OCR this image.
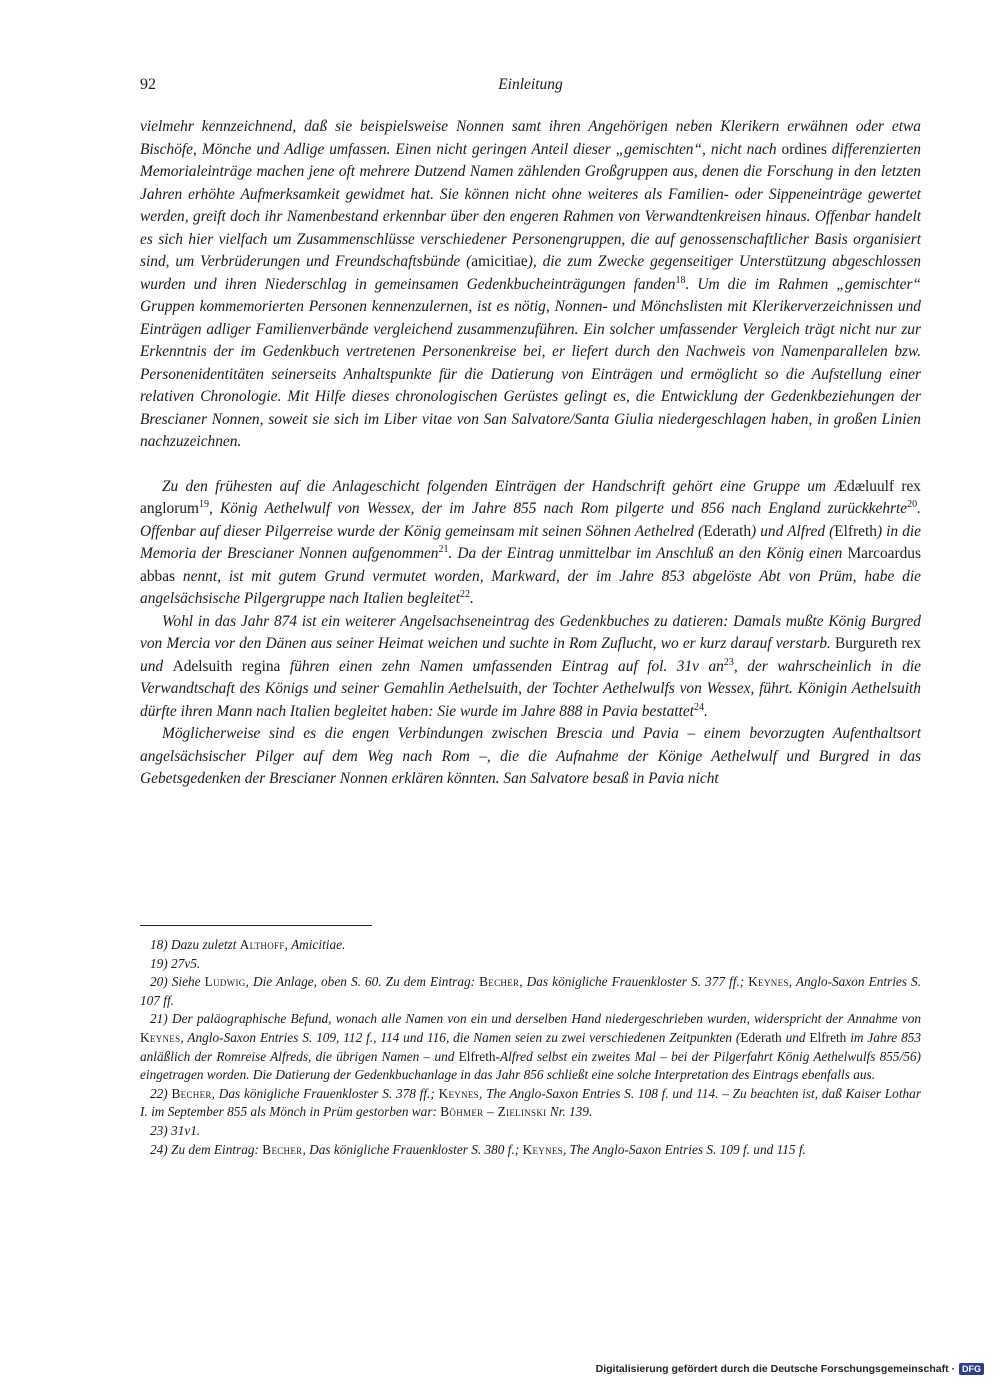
92	Einleitung

vielmehr kennzeichnend, daß sie beispielsweise Nonnen samt ihren Angehörigen neben Klerikern erwähnen oder etwa Bischöfe, Mönche und Adlige umfassen. Einen nicht geringen Anteil dieser „gemischten“, nicht nach ordines differenzierten Memorialeinträge machen jene oft mehrere Dutzend Namen zählenden Großgruppen aus, denen die Forschung in den letzten Jahren erhöhte Aufmerksamkeit gewidmet hat. Sie können nicht ohne weiteres als Familien- oder Sippeneinträge gewertet werden, greift doch ihr Namenbestand erkennbar über den engeren Rahmen von Verwandtenkreisen hinaus. Offenbar handelt es sich hier vielfach um Zusammenschlüsse verschiedener Personengruppen, die auf genossenschaftlicher Basis organisiert sind, um Verbrüderungen und Freundschaftsbünde (amicitiae), die zum Zwecke gegenseitiger Unterstützung abgeschlossen wurden und ihren Niederschlag in gemeinsamen Gedenkbucheinträgungen fanden$^{18}$. Um die im Rahmen „gemischter“ Gruppen kommemorierten Personen kennenzulernen, ist es nötig, Nonnen- und Mönchslisten mit Klerikerverzeichnissen und Einträgen adliger Familienverbände vergleichend zusammenzuführen. Ein solcher umfassender Vergleich trägt nicht nur zur Erkenntnis der im Gedenkbuch vertretenen Personenkreise bei, er liefert durch den Nachweis von Namenparallelen bzw. Personenidentitäten seinerseits Anhaltspunkte für die Datierung von Einträgen und ermöglicht so die Aufstellung einer relativen Chronologie. Mit Hilfe dieses chronologischen Gerüstes gelingt es, die Entwicklung der Gedenkbeziehungen der Brescianer Nonnen, soweit sie sich im Liber vitae von San Salvatore/Santa Giulia niedergeschlagen haben, in großen Linien nachzuzeichnen.

Zu den frühesten auf die Anlageschicht folgenden Einträgen der Handschrift gehört eine Gruppe um Ædæluulf rex anglorum$^{19}$, König Aethelwulf von Wessex, der im Jahre 855 nach Rom pilgerte und 856 nach England zurückkehrte$^{20}$. Offenbar auf dieser Pilgerreise wurde der König gemeinsam mit seinen Söhnen Aethelred (Ederath) und Alfred (Elfreth) in die Memoria der Brescianer Nonnen aufgenommen$^{21}$. Da der Eintrag unmittelbar im Anschluß an den König einen Marcoardus abbas nennt, ist mit gutem Grund vermutet worden, Markward, der im Jahre 853 abgelöste Abt von Prüm, habe die angelsächsische Pilgergruppe nach Italien begleitet$^{22}$.

Wohl in das Jahr 874 ist ein weiterer Angelsachseneintrag des Gedenkbuches zu datieren: Damals mußte König Burgred von Mercia vor den Dänen aus seiner Heimat weichen und suchte in Rom Zuflucht, wo er kurz darauf verstarb. Burgureth rex und Adelsuith regina führen einen zehn Namen umfassenden Eintrag auf fol. 31v $an^{23}$, der wahrscheinlich in die Verwandtschaft des Königs und seiner Gemahlin Aethelsuith, der Tochter Aethelwulfs von Wessex, führt. Königin Aethelsuith dürfte ihren Mann nach Italien begleitet haben: Sie wurde im Jahre 888 in Pavia bestattet$^{24}$.

Möglicherweise sind es die engen Verbindungen zwischen Brescia und Pavia – einem bevorzugten Aufenthaltsort angelsächsischer Pilger auf dem Weg nach Rom –, die die Aufnahme der Könige Aethelwulf und Burgred in das Gebetsgedenken der Brescianer Nonnen erklären könnten. San Salvatore besaß in Pavia nicht

18) Dazu zuletzt Althoff, Amicitiae.

19) 27v5.

20) Siehe Ludwig, Die Anlage, oben S. 60. Zu dem Eintrag: Becher, Das königliche Frauenkloster S. 377 ff.; Keynes, Anglo-Saxon Entries S. 107 ff.

21) Der paläographische Befund, wonach alle Namen von ein und derselben Hand niedergeschrieben wurden, widerspricht der Annahme von Keynes, Anglo-Saxon Entries S. 109, 112 f., 114 und 116, die Namen seien zu zwei verschiedenen Zeitpunkten (Ederath und Elfreth im Jahre 853 anläßlich der Romreise Alfreds, die übrigen Namen – und Elfreth-Alfred selbst ein zweites Mal – bei der Pilgerfahrt König Aethelwulfs 855/56) eingetragen worden. Die Datierung der Gedenkbuchanlage in das Jahr 856 schließt eine solche Interpretation des Eintrags ebenfalls aus.

22) Becher, Das königliche Frauenkloster S. 378 ff.; Keynes, The Anglo-Saxon Entries S. 108 f. und 114. – Zu beachten ist, daß Kaiser Lothar I. im September 855 als Mönch in Prüm gestorben war: Böhmer – Zielinski Nr. 139.

23) 31v1.

24) Zu dem Eintrag: Becher, Das königliche Frauenkloster S. 380 f.; Keynes, The Anglo-Saxon Entries S. 109 f. und 115 f.

Digitalisierung gefördert durch die Deutsche Forschungsgemeinschaft · DFG
